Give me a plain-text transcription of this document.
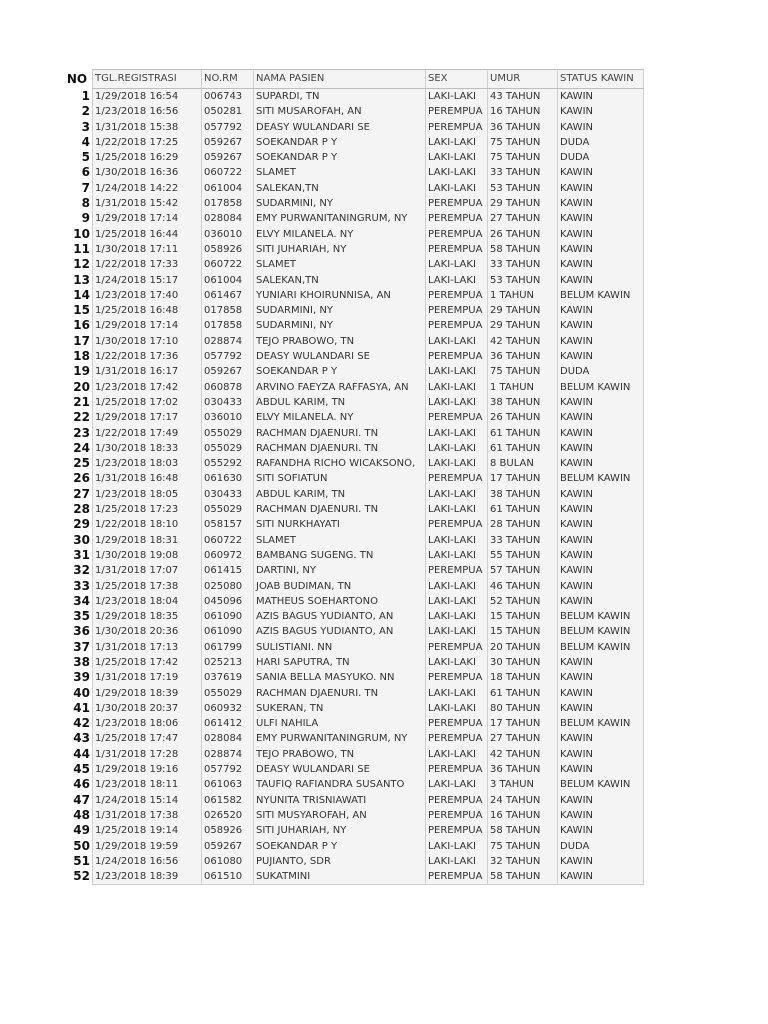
NO	TGL.REGISTRASI	NO.RM	NAMA PASIEN	SEX	UMUR	STATUS KAWIN
1	1/29/2018 16:54	006743	SUPARDI, TN	LAKI-LAKI	43 TAHUN	KAWIN
2	1/23/2018 16:56	050281	SITI MUSAROFAH, AN	PEREMPUA	16 TAHUN	KAWIN
3	1/31/2018 15:38	057792	DEASY WULANDARI SE	PEREMPUA	36 TAHUN	KAWIN
4	1/22/2018 17:25	059267	SOEKANDAR P Y	LAKI-LAKI	75 TAHUN	DUDA
5	1/25/2018 16:29	059267	SOEKANDAR P Y	LAKI-LAKI	75 TAHUN	DUDA
6	1/30/2018 16:36	060722	SLAMET	LAKI-LAKI	33 TAHUN	KAWIN
7	1/24/2018 14:22	061004	SALEKAN,TN	LAKI-LAKI	53 TAHUN	KAWIN
8	1/31/2018 15:42	017858	SUDARMINI, NY	PEREMPUA	29 TAHUN	KAWIN
9	1/29/2018 17:14	028084	EMY PURWANITANINGRUM, NY	PEREMPUA	27 TAHUN	KAWIN
10	1/25/2018 16:44	036010	ELVY MILANELA. NY	PEREMPUA	26 TAHUN	KAWIN
11	1/30/2018 17:11	058926	SITI JUHARIAH, NY	PEREMPUA	58 TAHUN	KAWIN
12	1/22/2018 17:33	060722	SLAMET	LAKI-LAKI	33 TAHUN	KAWIN
13	1/24/2018 15:17	061004	SALEKAN,TN	LAKI-LAKI	53 TAHUN	KAWIN
14	1/23/2018 17:40	061467	YUNIARI KHOIRUNNISA, AN	PEREMPUA	1 TAHUN	BELUM KAWIN
15	1/25/2018 16:48	017858	SUDARMINI, NY	PEREMPUA	29 TAHUN	KAWIN
16	1/29/2018 17:14	017858	SUDARMINI, NY	PEREMPUA	29 TAHUN	KAWIN
17	1/30/2018 17:10	028874	TEJO PRABOWO, TN	LAKI-LAKI	42 TAHUN	KAWIN
18	1/22/2018 17:36	057792	DEASY WULANDARI SE	PEREMPUA	36 TAHUN	KAWIN
19	1/31/2018 16:17	059267	SOEKANDAR P Y	LAKI-LAKI	75 TAHUN	DUDA
20	1/23/2018 17:42	060878	ARVINO FAEYZA RAFFASYA, AN	LAKI-LAKI	1 TAHUN	BELUM KAWIN
21	1/25/2018 17:02	030433	ABDUL KARIM, TN	LAKI-LAKI	38 TAHUN	KAWIN
22	1/29/2018 17:17	036010	ELVY MILANELA. NY	PEREMPUA	26 TAHUN	KAWIN
23	1/22/2018 17:49	055029	RACHMAN DJAENURI. TN	LAKI-LAKI	61 TAHUN	KAWIN
24	1/30/2018 18:33	055029	RACHMAN DJAENURI. TN	LAKI-LAKI	61 TAHUN	KAWIN
25	1/23/2018 18:03	055292	RAFANDHA RICHO WICAKSONO,	LAKI-LAKI	8 BULAN	KAWIN
26	1/31/2018 16:48	061630	SITI SOFIATUN	PEREMPUA	17 TAHUN	BELUM KAWIN
27	1/23/2018 18:05	030433	ABDUL KARIM, TN	LAKI-LAKI	38 TAHUN	KAWIN
28	1/25/2018 17:23	055029	RACHMAN DJAENURI. TN	LAKI-LAKI	61 TAHUN	KAWIN
29	1/22/2018 18:10	058157	SITI NURKHAYATI	PEREMPUA	28 TAHUN	KAWIN
30	1/29/2018 18:31	060722	SLAMET	LAKI-LAKI	33 TAHUN	KAWIN
31	1/30/2018 19:08	060972	BAMBANG SUGENG. TN	LAKI-LAKI	55 TAHUN	KAWIN
32	1/31/2018 17:07	061415	DARTINI, NY	PEREMPUA	57 TAHUN	KAWIN
33	1/25/2018 17:38	025080	JOAB BUDIMAN, TN	LAKI-LAKI	46 TAHUN	KAWIN
34	1/23/2018 18:04	045096	MATHEUS SOEHARTONO	LAKI-LAKI	52 TAHUN	KAWIN
35	1/29/2018 18:35	061090	AZIS BAGUS YUDIANTO, AN	LAKI-LAKI	15 TAHUN	BELUM KAWIN
36	1/30/2018 20:36	061090	AZIS BAGUS YUDIANTO, AN	LAKI-LAKI	15 TAHUN	BELUM KAWIN
37	1/31/2018 17:13	061799	SULISTIANI. NN	PEREMPUA	20 TAHUN	BELUM KAWIN
38	1/25/2018 17:42	025213	HARI SAPUTRA, TN	LAKI-LAKI	30 TAHUN	KAWIN
39	1/31/2018 17:19	037619	SANIA BELLA MASYUKO. NN	PEREMPUA	18 TAHUN	KAWIN
40	1/29/2018 18:39	055029	RACHMAN DJAENURI. TN	LAKI-LAKI	61 TAHUN	KAWIN
41	1/30/2018 20:37	060932	SUKERAN, TN	LAKI-LAKI	80 TAHUN	KAWIN
42	1/23/2018 18:06	061412	ULFI NAHILA	PEREMPUA	17 TAHUN	BELUM KAWIN
43	1/25/2018 17:47	028084	EMY PURWANITANINGRUM, NY	PEREMPUA	27 TAHUN	KAWIN
44	1/31/2018 17:28	028874	TEJO PRABOWO, TN	LAKI-LAKI	42 TAHUN	KAWIN
45	1/29/2018 19:16	057792	DEASY WULANDARI SE	PEREMPUA	36 TAHUN	KAWIN
46	1/23/2018 18:11	061063	TAUFIQ RAFIANDRA SUSANTO	LAKI-LAKI	3 TAHUN	BELUM KAWIN
47	1/24/2018 15:14	061582	NYUNITA TRISNIAWATI	PEREMPUA	24 TAHUN	KAWIN
48	1/31/2018 17:38	026520	SITI MUSYAROFAH, AN	PEREMPUA	16 TAHUN	KAWIN
49	1/25/2018 19:14	058926	SITI JUHARIAH, NY	PEREMPUA	58 TAHUN	KAWIN
50	1/29/2018 19:59	059267	SOEKANDAR P Y	LAKI-LAKI	75 TAHUN	DUDA
51	1/24/2018 16:56	061080	PUJIANTO, SDR	LAKI-LAKI	32 TAHUN	KAWIN
52	1/23/2018 18:39	061510	SUKATMINI	PEREMPUA	58 TAHUN	KAWIN
